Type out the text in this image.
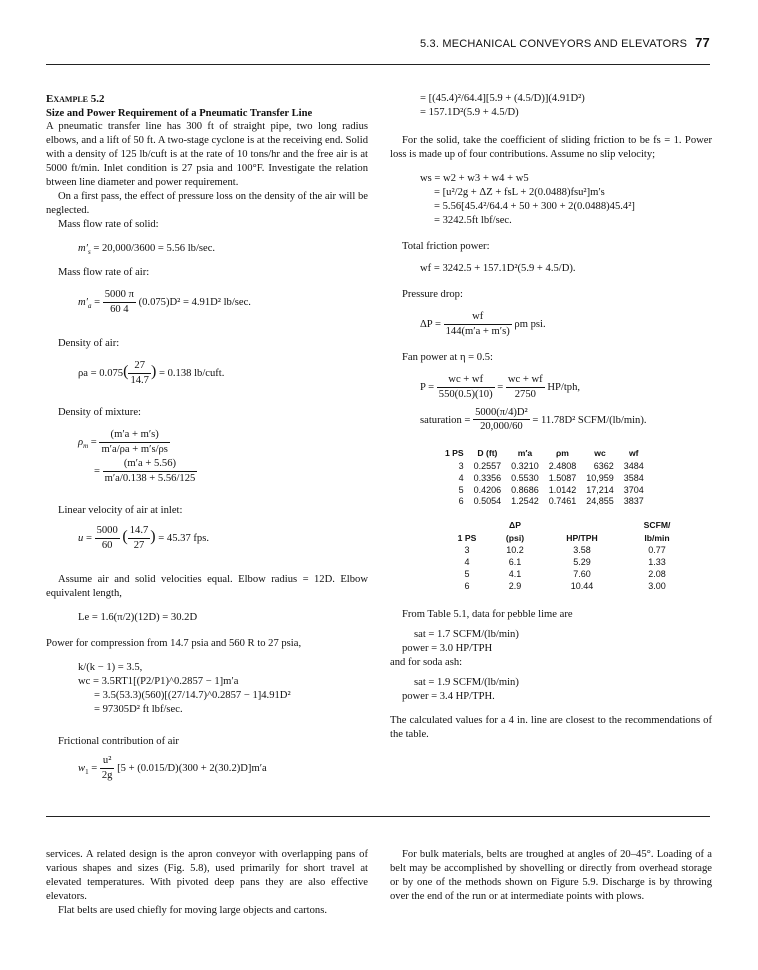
5.3. MECHANICAL CONVEYORS AND ELEVATORS 77

Example 5.2

Size and Power Requirement of a Pneumatic Transfer Line

A pneumatic transfer line has 300 ft of straight pipe, two long radius elbows, and a lift of 50 ft. A two-stage cyclone is at the receiving end. Solid with a density of 125 lb/cuft is at the rate of 10 tons/hr and the free air is at 5000 ft/min. Inlet condition is 27 psia and 100°F. Investigate the relation btween line diameter and power requirement.

On a first pass, the effect of pressure loss on the density of the air will be neglected.

Mass flow rate of solid:

$m'_s = 20,000/3600 = 5.56$ lb/sec.

Mass flow rate of air:

$m'_a = \frac{5000 \pi}{60 4} (0.075)D^2 = 4.91D^2$ lb/sec.

Density of air:

$\rho a = 0.075( \frac{27}{14.7}$ ) = 0.138 lb/cuft.

Density of mixture:

$\rho_m = \frac{(m'a + m's)}{m'a/\rho a + m's/\rho s}$

= $\frac{(m'a + 5.56)}{m'a/0.138 + 5.56/125}$

Linear velocity of air at inlet:

$u = \frac{5000}{60}$ ( $\frac{14.7}{27}$ ) = 45.37 fps.

Assume air and solid velocities equal. Elbow radius = 12D. Elbow equivalent length,

Le = 1.6(π/2)(12D) = 30.2D

Power for compression from 14.7 psia and 560 R to 27 psia,

k/(k − 1) = 3.5,

wc = 3.5RT1[(P2/P1)^0.2857 − 1]m′a

= 3.5(53.3)(560)[(27/14.7)^0.2857 − 1]4.91D²

= 97305D² ft lbf/sec.

Frictional contribution of air

$w_1 = \frac{\text{u²}}{2g} [5 + (0.015/D)(300 + 2(30.2)D]m'a$

= [(45.4)²/64.4][5.9 + (4.5/D)](4.91D²)

= 157.1D²(5.9 + 4.5/D)

For the solid, take the coefficient of sliding friction to be fs = 1. Power loss is made up of four contributions. Assume no slip velocity;

ws = w2 + w3 + w4 + w5

= [u²/2g + ΔZ + fsL + 2(0.0488)fsu²]m′s

= 5.56[45.4²/64.4 + 50 + 300 + 2(0.0488)45.4²]

= 3242.5ft lbf/sec.

Total friction power:

wf = 3242.5 + 157.1D²(5.9 + 4.5/D).

Pressure drop:

$\Delta P = \frac{wf}{144(m'a + m's)}$ ρm psi.

Fan power at η = 0.5:

$P = \frac{wc + wf}{550(0.5)(10)} = \frac{wc + wf}{2750} HP/tph$,

saturation = $\frac{\text{5000(π/4)D²}}{20,000/60} = 11.78D^2$ SCFM/(lb/min).

1 PS	D (ft)	m′a	ρm	wc	wf
3	0.2557	0.3210	2.4808	6362	3484
4	0.3356	0.5530	1.5087	10,959	3584
5	0.4206	0.8686	1.0142	17,214	3704
6	0.5054	1.2542	0.7461	24,855	3837
	ΔP		SCFM/
1 PS	(psi)	HP/TPH	lb/min
3	10.2	3.58	0.77
4	6.1	5.29	1.33
5	4.1	7.60	2.08
6	2.9	10.44	3.00

From Table 5.1, data for pebble lime are

sat = 1.7 SCFM/(lb/min)

power = 3.0 HP/TPH

and for soda ash:

sat = 1.9 SCFM/(lb/min)

power = 3.4 HP/TPH.

The calculated values for a 4 in. line are closest to the recommendations of the table.

services. A related design is the apron conveyor with overlapping pans of various shapes and sizes (Fig. 5.8), used primarily for short travel at elevated temperatures. With pivoted deep pans they are also effective elevators.

Flat belts are used chiefly for moving large objects and cartons.

For bulk materials, belts are troughed at angles of 20–45°. Loading of a belt may be accomplished by shovelling or directly from overhead storage or by one of the methods shown on Figure 5.9. Discharge is by throwing over the end of the run or at intermediate points with plows.
